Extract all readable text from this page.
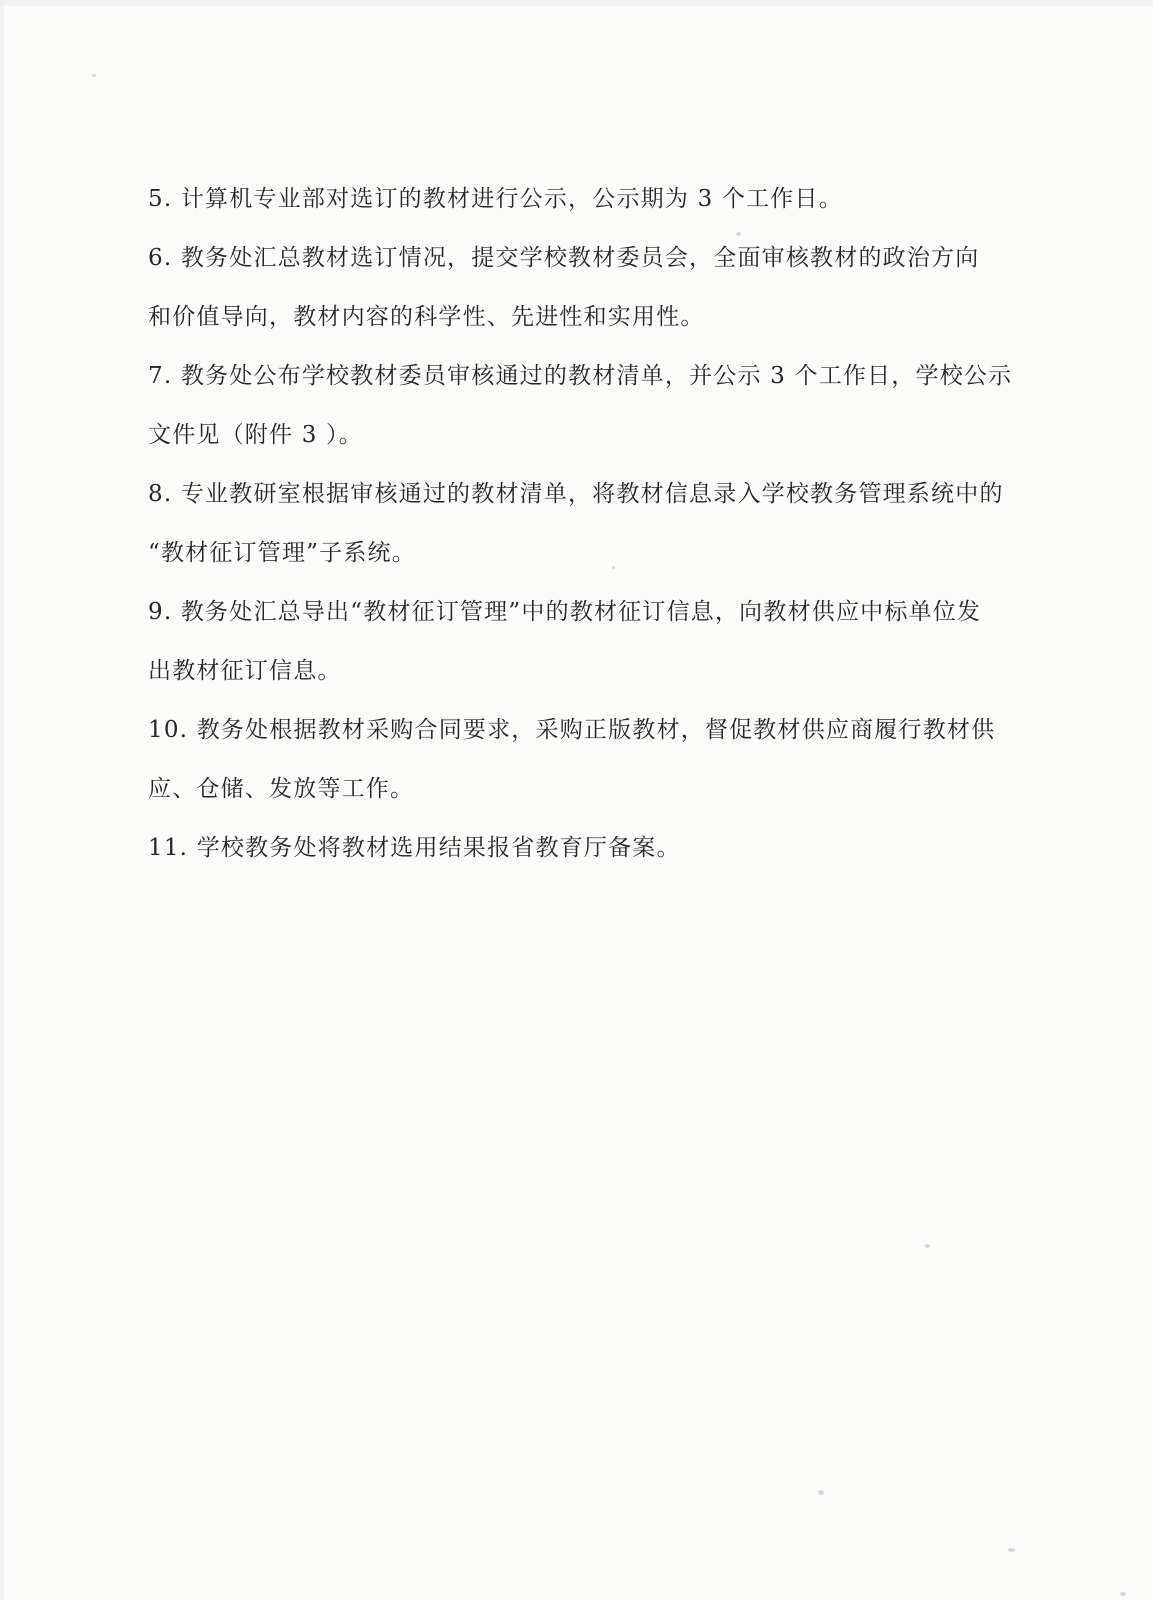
5. 计算机专业部对选订的教材进行公示，公示期为 3 个工作日。

6. 教务处汇总教材选订情况，提交学校教材委员会，全面审核教材的政治方向
和价值导向，教材内容的科学性、先进性和实用性。

7. 教务处公布学校教材委员审核通过的教材清单，并公示 3 个工作日，学校公示
文件见（附件 3 ）。

8. 专业教研室根据审核通过的教材清单，将教材信息录入学校教务管理系统中的
“教材征订管理”子系统。

9. 教务处汇总导出“教材征订管理”中的教材征订信息，向教材供应中标单位发
出教材征订信息。

10. 教务处根据教材采购合同要求，采购正版教材，督促教材供应商履行教材供
应、仓储、发放等工作。

11. 学校教务处将教材选用结果报省教育厅备案。
